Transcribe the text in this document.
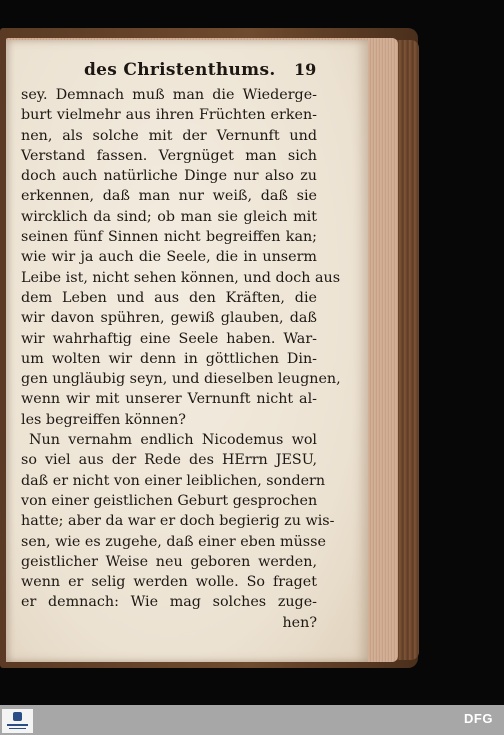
des Christenthums. 19
sey. Demnach muß man die Wiederge-
burt vielmehr aus ihren Früchten erken-
nen, als solche mit der Vernunft und
Verstand fassen. Vergnüget man sich
doch auch natürliche Dinge nur also zu
erkennen, daß man nur weiß, daß sie
wircklich da sind; ob man sie gleich mit
seinen fünf Sinnen nicht begreiffen kan;
wie wir ja auch die Seele, die in unserm
Leibe ist, nicht sehen können, und doch aus
dem Leben und aus den Kräften, die
wir davon spühren, gewiß glauben, daß
wir wahrhaftig eine Seele haben. War-
um wolten wir denn in göttlichen Din-
gen ungläubig seyn, und dieselben leugnen,
wenn wir mit unserer Vernunft nicht al-
les begreiffen können?
Nun vernahm endlich Nicodemus wol
so viel aus der Rede des HErrn JESU,
daß er nicht von einer leiblichen, sondern
von einer geistlichen Geburt gesprochen
hatte; aber da war er doch begierig zu wis-
sen, wie es zugehe, daß einer eben müsse
geistlicher Weise neu geboren werden,
wenn er selig werden wolle. So fraget
er demnach: Wie mag solches zuge-
hen?
DFG
